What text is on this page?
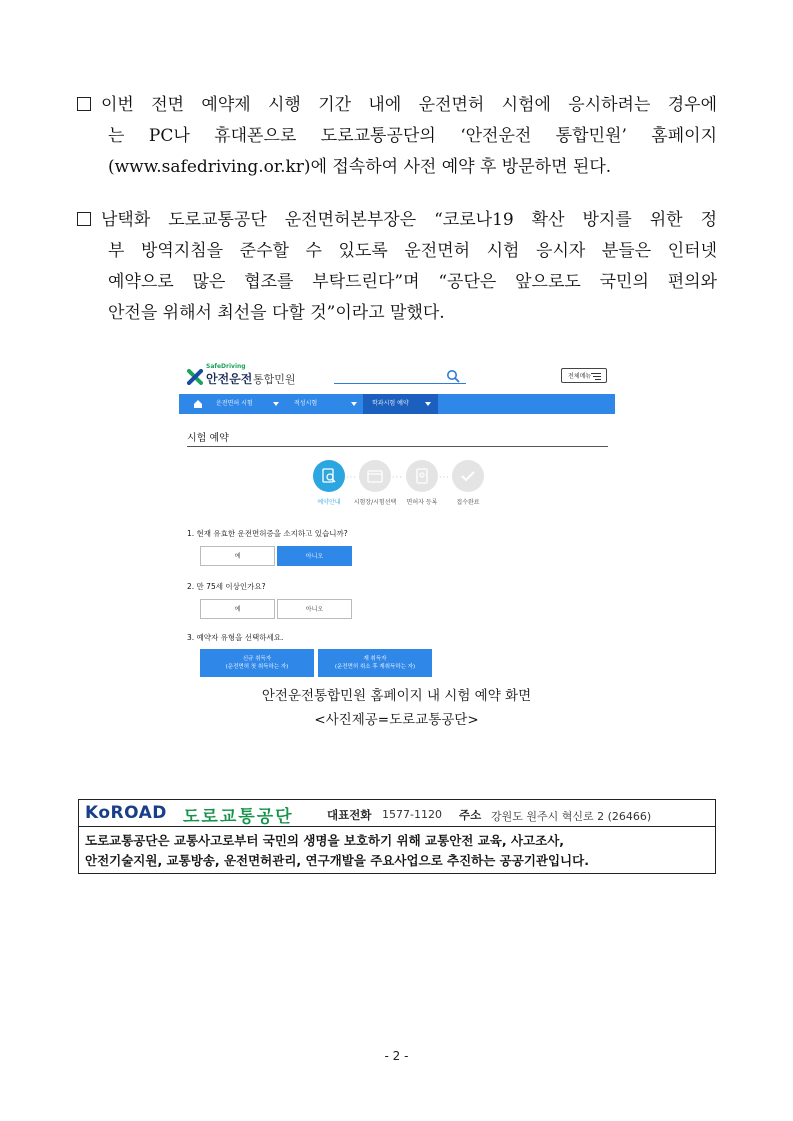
이번 전면 예약제 시행 기간 내에 운전면허 시험에 응시하려는 경우에
는 PC나 휴대폰으로 도로교통공단의 ‘안전운전 통합민원’ 홈페이지
(www.safedriving.or.kr)에 접속하여 사전 예약 후 방문하면 된다.
남택화 도로교통공단 운전면허본부장은 “코로나19 확산 방지를 위한 정
부 방역지침을 준수할 수 있도록 운전면허 시험 응시자 분들은 인터넷
예약으로 많은 협조를 부탁드린다”며 “공단은 앞으로도 국민의 편의와
안전을 위해서 최선을 다할 것”이라고 말했다.
SafeDriving
안전운전 통합민원	전체메뉴
운전면허 시험	적성시험	학과시험 예약
시험 예약
···	···	···
예약안내	시험장/시험선택	면허자 등록	접수완료
1. 현재 유효한 운전면허증을 소지하고 있습니까?
예	아니오
2. 만 75세 이상인가요?
예	아니오
3. 예약자 유형을 선택하세요.
신규 취득자
(운전면허 첫 취득하는 자)
재 취득자
(운전면허 취소 후 재취득하는 자)
안전운전통합민원 홈페이지 내 시험 예약 화면
<사진제공=도로교통공단>
KoROAD 도로교통공단	대표전화 1577-1120 주소 강원도 원주시 혁신로 2 (26466)
도로교통공단은 교통사고로부터 국민의 생명을 보호하기 위해 교통안전 교육, 사고조사,
안전기술지원, 교통방송, 운전면허관리, 연구개발을 주요사업으로 추진하는 공공기관입니다.
- 2 -
